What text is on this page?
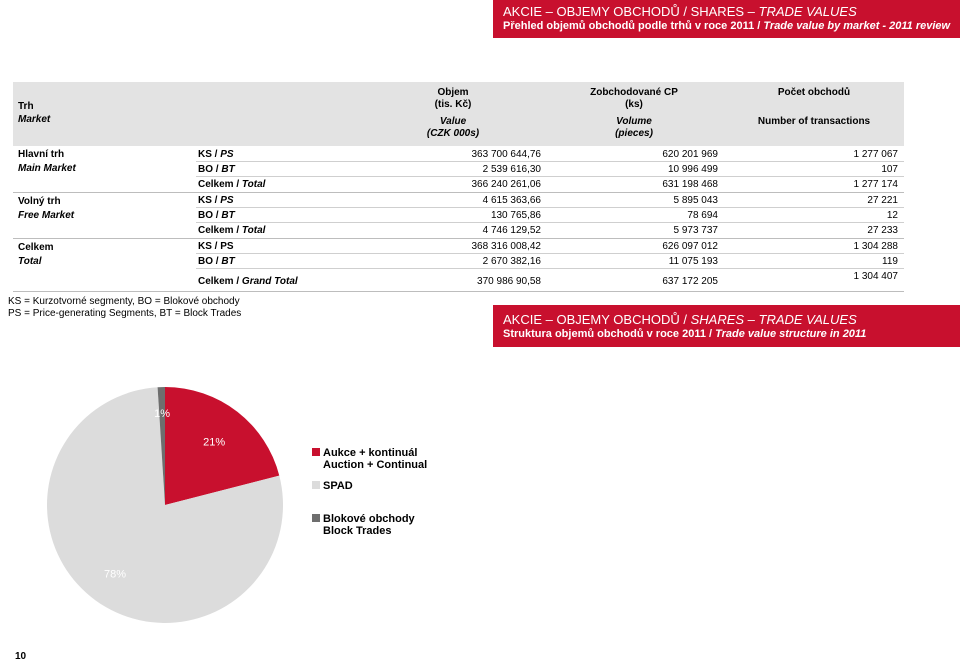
AKCIE – OBJEMY OBCHODŮ / SHARES – TRADE VALUES
Přehled objemů obchodů podle trhů v roce 2011 / Trade value by market - 2011 review
Trh
Market
Objem
(tis. Kč)
Value
(CZK 000s)
Zobchodované CP
(ks)
Volume
(pieces)
Počet obchodů
Number of transactions
Hlavní trh
Main Market
KS / PS	363 700 644,76	620 201 969	1 277 067
BO / BT	2 539 616,30	10 996 499	107
Celkem / Total	366 240 261,06	631 198 468	1 277 174
Volný trh
Free Market
KS / PS	4 615 363,66	5 895 043	27 221
BO / BT	130 765,86	78 694	12
Celkem / Total	4 746 129,52	5 973 737	27 233
Celkem
Total
KS / PS	368 316 008,42	626 097 012	1 304 288
BO / BT	2 670 382,16	11 075 193	119
Celkem / Grand Total	370 986 90,58	637 172 205	1 304 407
KS = Kurzotvorné segmenty, BO = Blokové obchody
PS = Price-generating Segments, BT = Block Trades	AKCIE – OBJEMY OBCHODŮ / SHARES – TRADE VALUES
Struktura objemů obchodů v roce 2011 / Trade value structure in 2011
21%
78%
1%
Aukce + kontinuál
Auction + Continual
SPAD
Blokové obchody
Block Trades
10
